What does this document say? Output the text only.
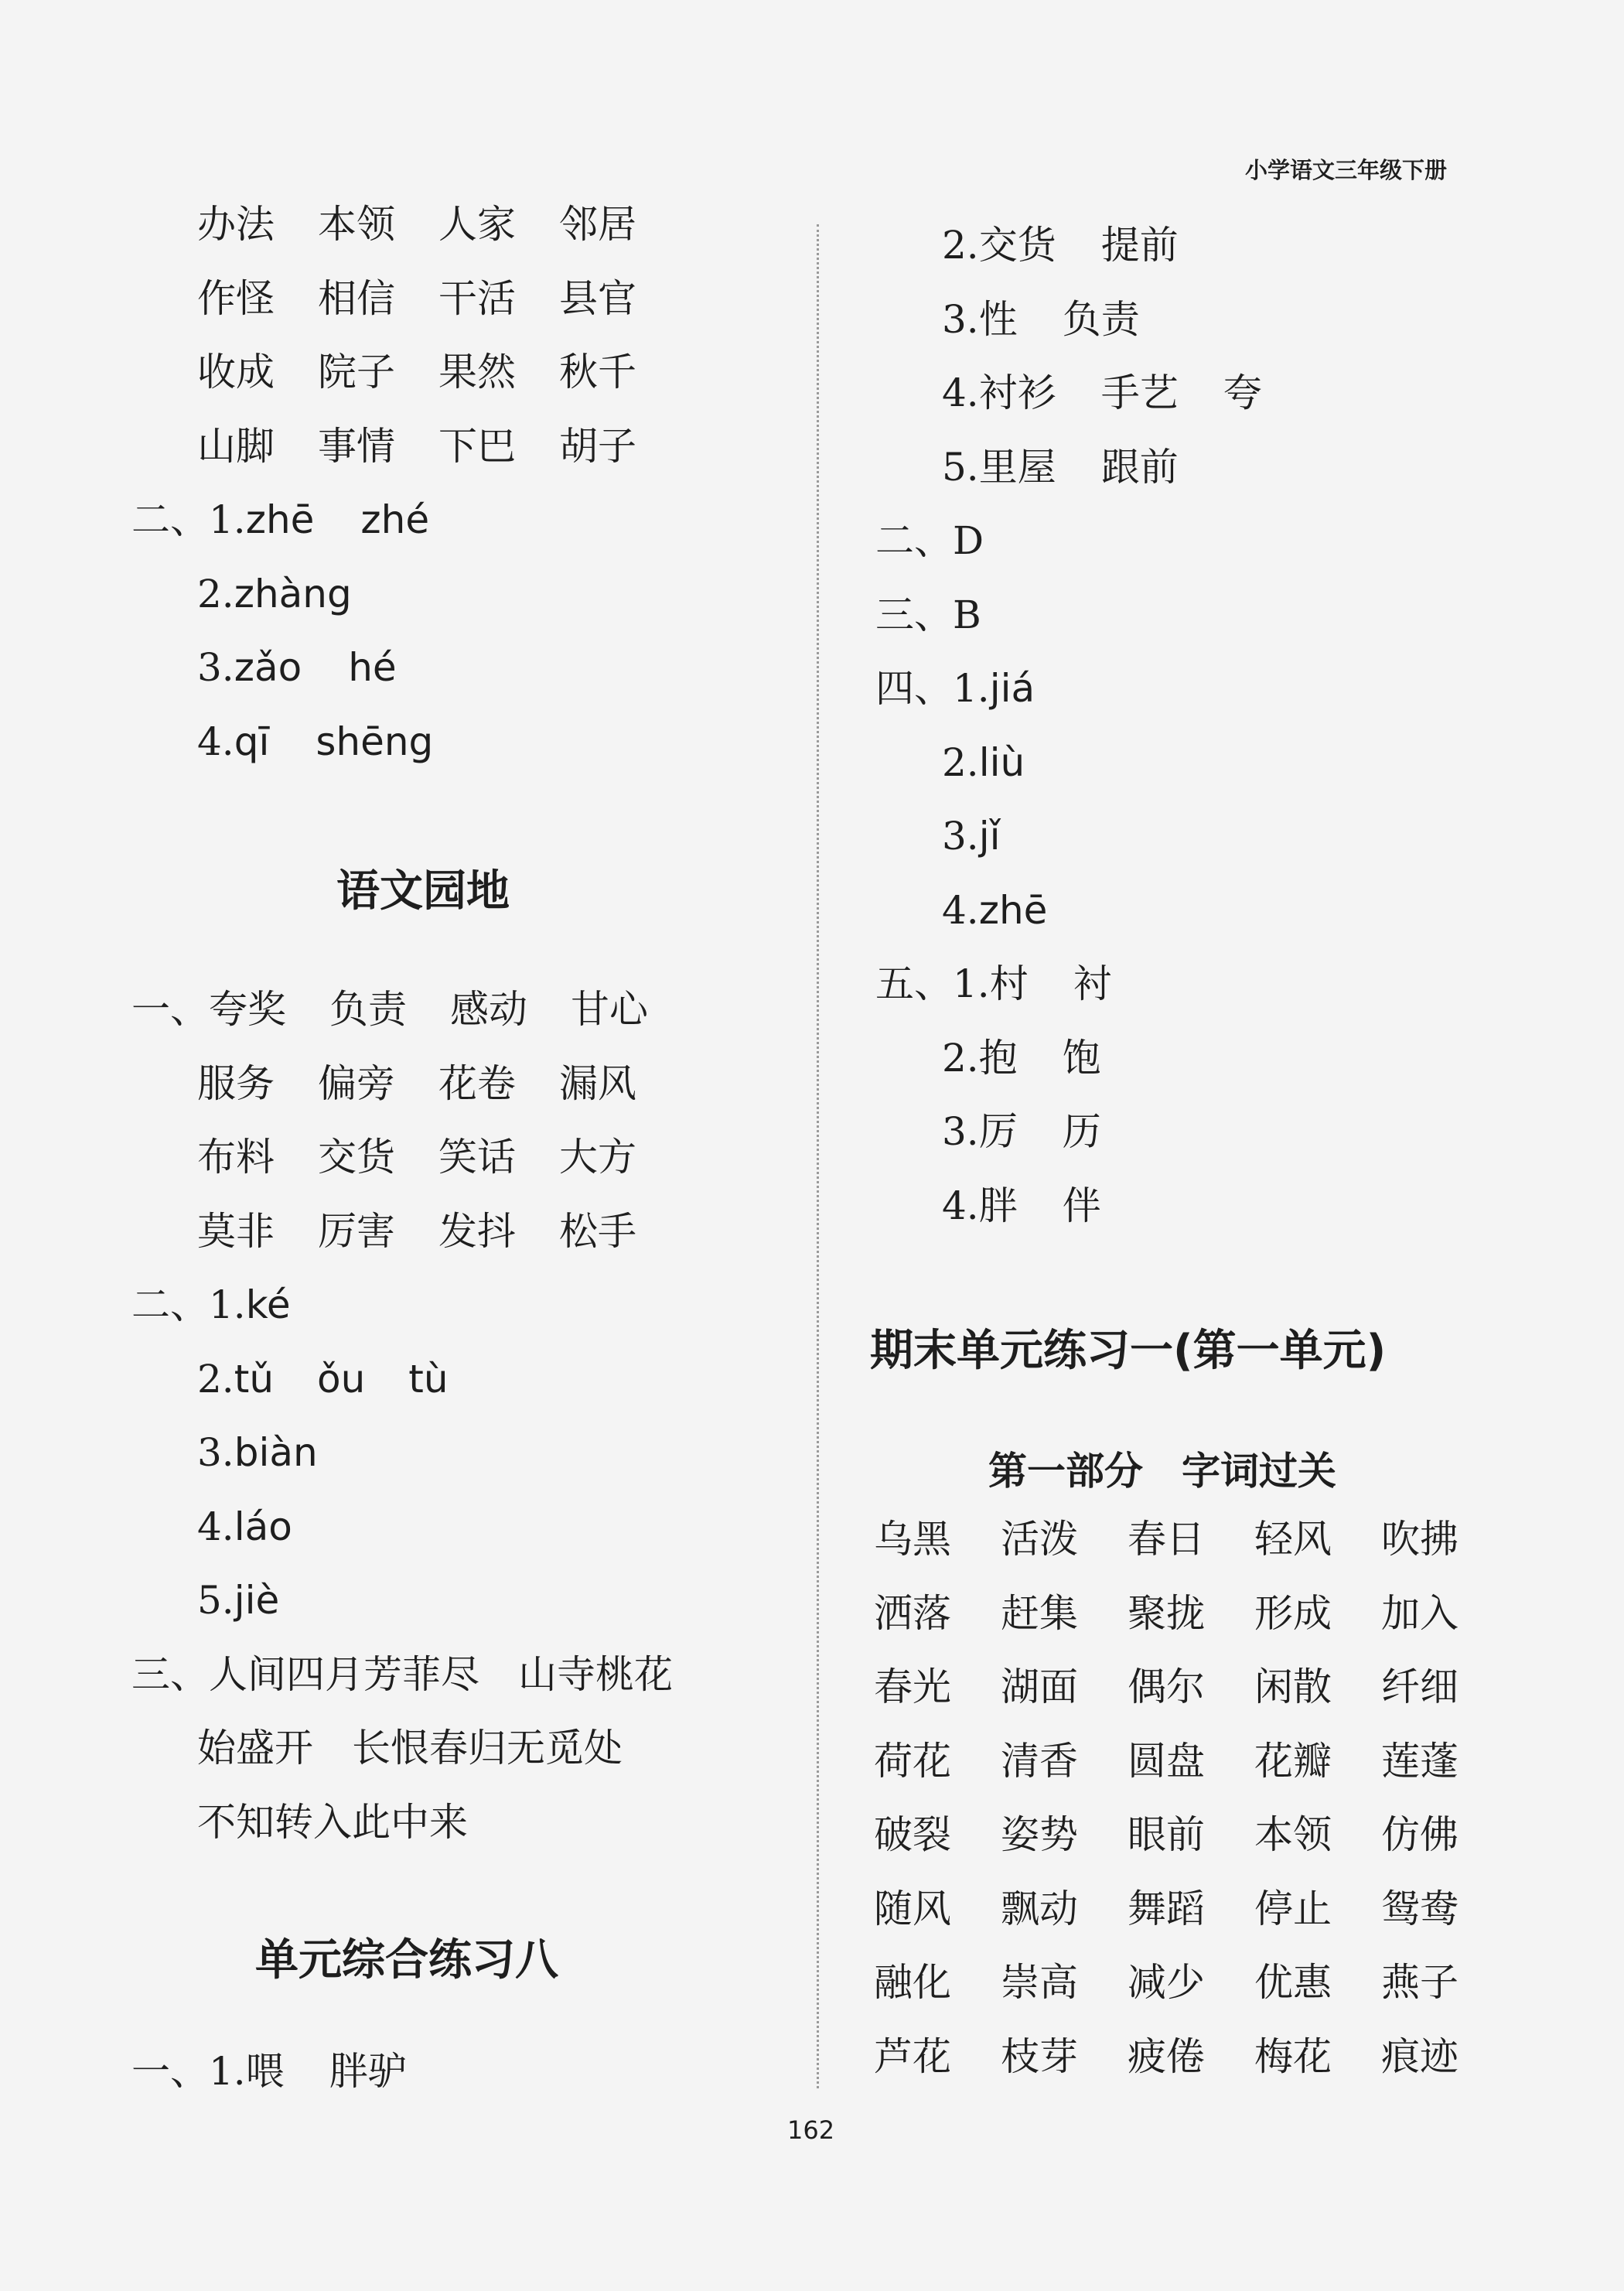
小学语文三年级下册
办法 本领 人家 邻居
作怪 相信 干活 县官
收成 院子 果然 秋千
山脚 事情 下巴 胡子
二、1.zhē zhé
2.zhàng
3.zǎo hé
4.qī shēng
语文园地
一、夸奖 负责 感动 甘心
服务 偏旁 花卷 漏风
布料 交货 笑话 大方
莫非 厉害 发抖 松手
二、1.ké
2.tǔ ǒu tù
3.biàn
4.láo
5.jiè
三、人间四月芳菲尽　山寺桃花
始盛开　长恨春归无觅处
不知转入此中来
单元综合练习八
一、1.喂 胖驴
2.交货 提前
3.性 负责
4.衬衫 手艺 夸
5.里屋 跟前
二、D
三、B
四、1.jiá
2.liù
3.jǐ
4.zhē
五、1.村 衬
2.抱 饱
3.厉 历
4.胖 伴
期末单元练习一(第一单元)
第一部分　字词过关
乌黑 活泼 春日 轻风 吹拂
洒落 赶集 聚拢 形成 加入
春光 湖面 偶尔 闲散 纤细
荷花 清香 圆盘 花瓣 莲蓬
破裂 姿势 眼前 本领 仿佛
随风 飘动 舞蹈 停止 鸳鸯
融化 崇高 减少 优惠 燕子
芦花 枝芽 疲倦 梅花 痕迹
162
